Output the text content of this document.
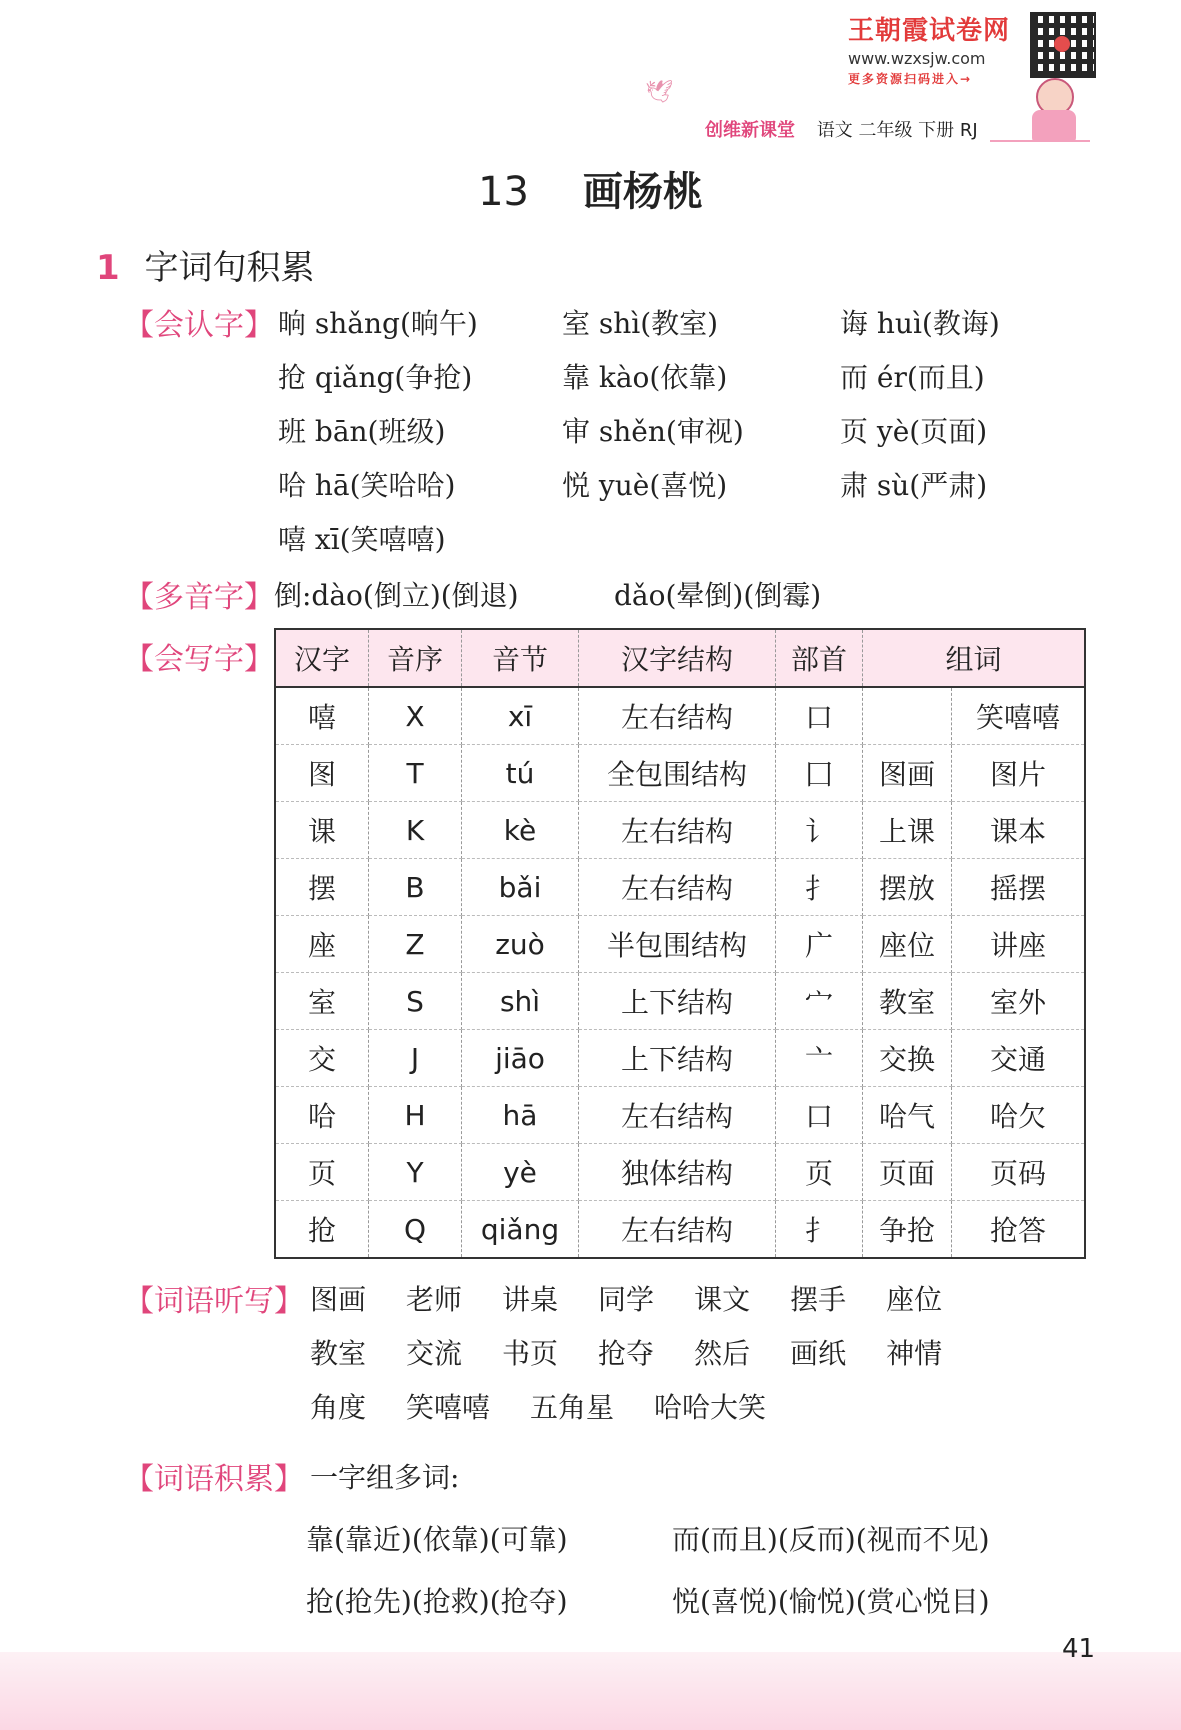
王朝霞试卷网
www.wzxsjw.com
更多资源扫码进入→
🕊
创维新课堂 语文 二年级 下册 RJ
13 画杨桃
1 字词句积累
【会认字】 晌 shǎng(晌午)	室 shì(教室)	诲 huì(教诲)
抢 qiǎng(争抢)	靠 kào(依靠)	而 ér(而且)
班 bān(班级)	审 shěn(审视)	页 yè(页面)
哈 hā(笑哈哈)	悦 yuè(喜悦)	肃 sù(严肃)
嘻 xī(笑嘻嘻)
【多音字】 倒:dào(倒立)(倒退)	dǎo(晕倒)(倒霉)
【会写字】 汉字	音序	音节	汉字结构	部首	组词	
嘻	X	xī	左右结构	口		笑嘻嘻
图	T	tú	全包围结构	囗	图画	图片
课	K	kè	左右结构	讠	上课	课本
摆	B	bǎi	左右结构	扌	摆放	摇摆
座	Z	zuò	半包围结构	广	座位	讲座
室	S	shì	上下结构	宀	教室	室外
交	J	jiāo	上下结构	亠	交换	交通
哈	H	hā	左右结构	口	哈气	哈欠
页	Y	yè	独体结构	页	页面	页码
抢	Q	qiǎng	左右结构	扌	争抢	抢答
【词语听写】 图画 老师 讲桌 同学 课文 摆手 座位
教室 交流 书页 抢夺 然后 画纸 神情
角度 笑嘻嘻 五角星 哈哈大笑
【词语积累】 一字组多词:
靠(靠近)(依靠)(可靠)	而(而且)(反而)(视而不见)
抢(抢先)(抢救)(抢夺)	悦(喜悦)(愉悦)(赏心悦目)
41
